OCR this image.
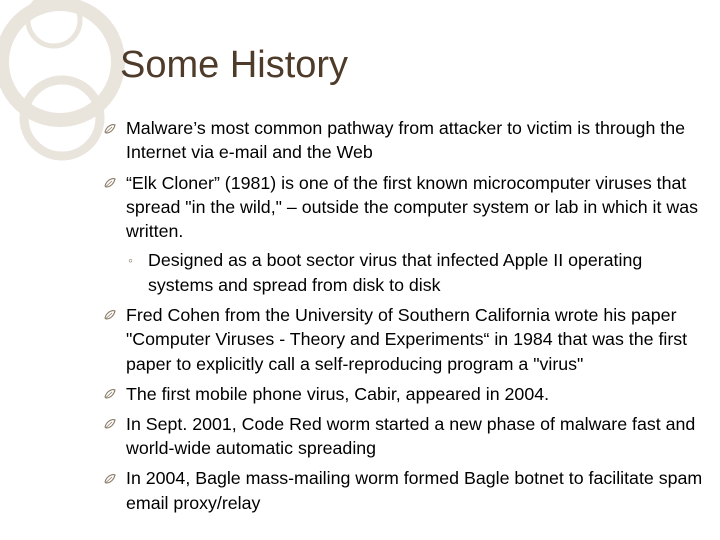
Some History
Malware’s most common pathway from attacker to victim is through the Internet via e-mail and the Web
“Elk Cloner” (1981) is one of the first known microcomputer viruses that spread "in the wild," – outside the computer system or lab in which it was written.
◦ Designed as a boot sector virus that infected Apple II operating systems and spread from disk to disk
Fred Cohen from the University of Southern California wrote his paper "Computer Viruses - Theory and Experiments“ in 1984 that was the first paper to explicitly call a self-reproducing program a "virus"
The first mobile phone virus, Cabir, appeared in 2004.
In Sept. 2001, Code Red worm started a new phase of malware fast and world-wide automatic spreading
In 2004, Bagle mass-mailing worm formed Bagle botnet to facilitate spam email proxy/relay
